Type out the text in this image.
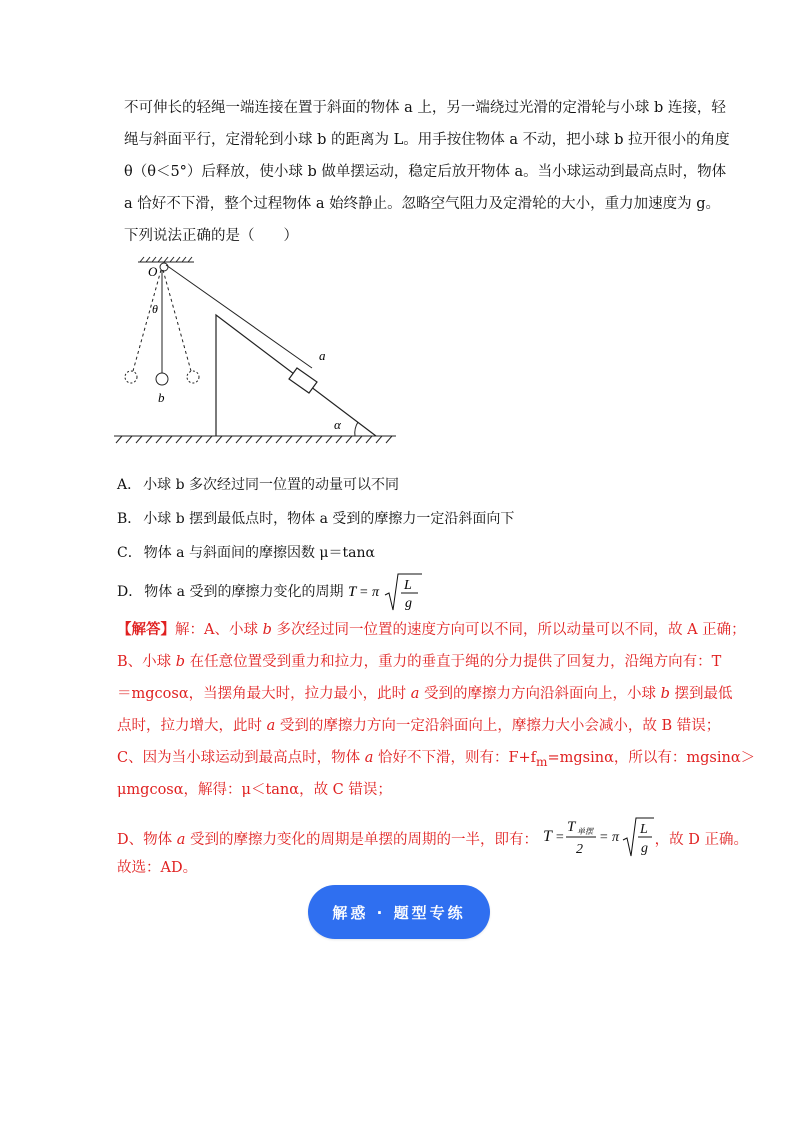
不可伸长的轻绳一端连接在置于斜面的物体 a 上，另一端绕过光滑的定滑轮与小球 b 连接，轻
绳与斜面平行，定滑轮到小球 b 的距离为 L。用手按住物体 a 不动，把小球 b 拉开很小的角度
θ（θ＜5°）后释放，使小球 b 做单摆运动，稳定后放开物体 a。当小球运动到最高点时，物体
a 恰好不下滑，整个过程物体 a 始终静止。忽略空气阻力及定滑轮的大小，重力加速度为 g。
下列说法正确的是（　　）

O
θ
b
a
α
A． 小球 b 多次经过同一位置的动量可以不同
B． 小球 b 摆到最低点时，物体 a 受到的摩擦力一定沿斜面向下
C． 物体 a 与斜面间的摩擦因数 μ＝tanα
D． 物体 a 受到的摩擦力变化的周期 T = π L
g
【解答】解：A、小球 b 多次经过同一位置的速度方向可以不同，所以动量可以不同，故 A 正确；
B、小球 b 在任意位置受到重力和拉力，重力的垂直于绳的分力提供了回复力，沿绳方向有：T
＝mgcosα，当摆角最大时，拉力最小，此时 a 受到的摩擦力方向沿斜面向上，小球 b 摆到最低
点时，拉力增大，此时 a 受到的摩擦力方向一定沿斜面向上，摩擦力大小会减小，故 B 错误；
C、因为当小球运动到最高点时，物体 a 恰好不下滑，则有：$F+f_m=mgsin\alpha$，所以有：mgsinα＞
μmgcosα，解得：μ＜tanα，故 C 错误；
D、物体 a 受到的摩擦力变化的周期是单摆的周期的一半，即有： T =
T 单摆
2
= π
L
g
，故 D 正确。
故选：AD。
解惑 · 题型专练
